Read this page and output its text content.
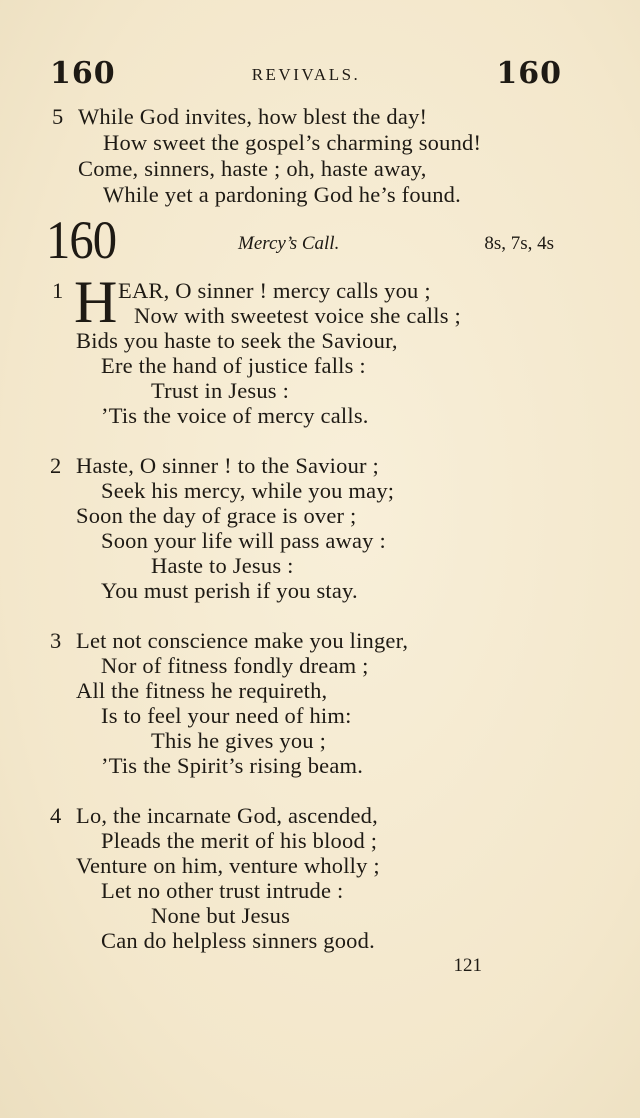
160	REVIVALS.	160
5 While God invites, how blest the day!
How sweet the gospel’s charming sound!
Come, sinners, haste ; oh, haste away,
While yet a pardoning God he’s found.
160	Mercy’s Call.	8s, 7s, 4s
1 H EAR, O sinner ! mercy calls you ;
Now with sweetest voice she calls ;
Bids you haste to seek the Saviour,
Ere the hand of justice falls :
Trust in Jesus :
’Tis the voice of mercy calls.
2 Haste, O sinner ! to the Saviour ;
Seek his mercy, while you may;
Soon the day of grace is over ;
Soon your life will pass away :
Haste to Jesus :
You must perish if you stay.
3 Let not conscience make you linger,
Nor of fitness fondly dream ;
All the fitness he requireth,
Is to feel your need of him:
This he gives you ;
’Tis the Spirit’s rising beam.
4 Lo, the incarnate God, ascended,
Pleads the merit of his blood ;
Venture on him, venture wholly ;
Let no other trust intrude :
None but Jesus
Can do helpless sinners good.
121
